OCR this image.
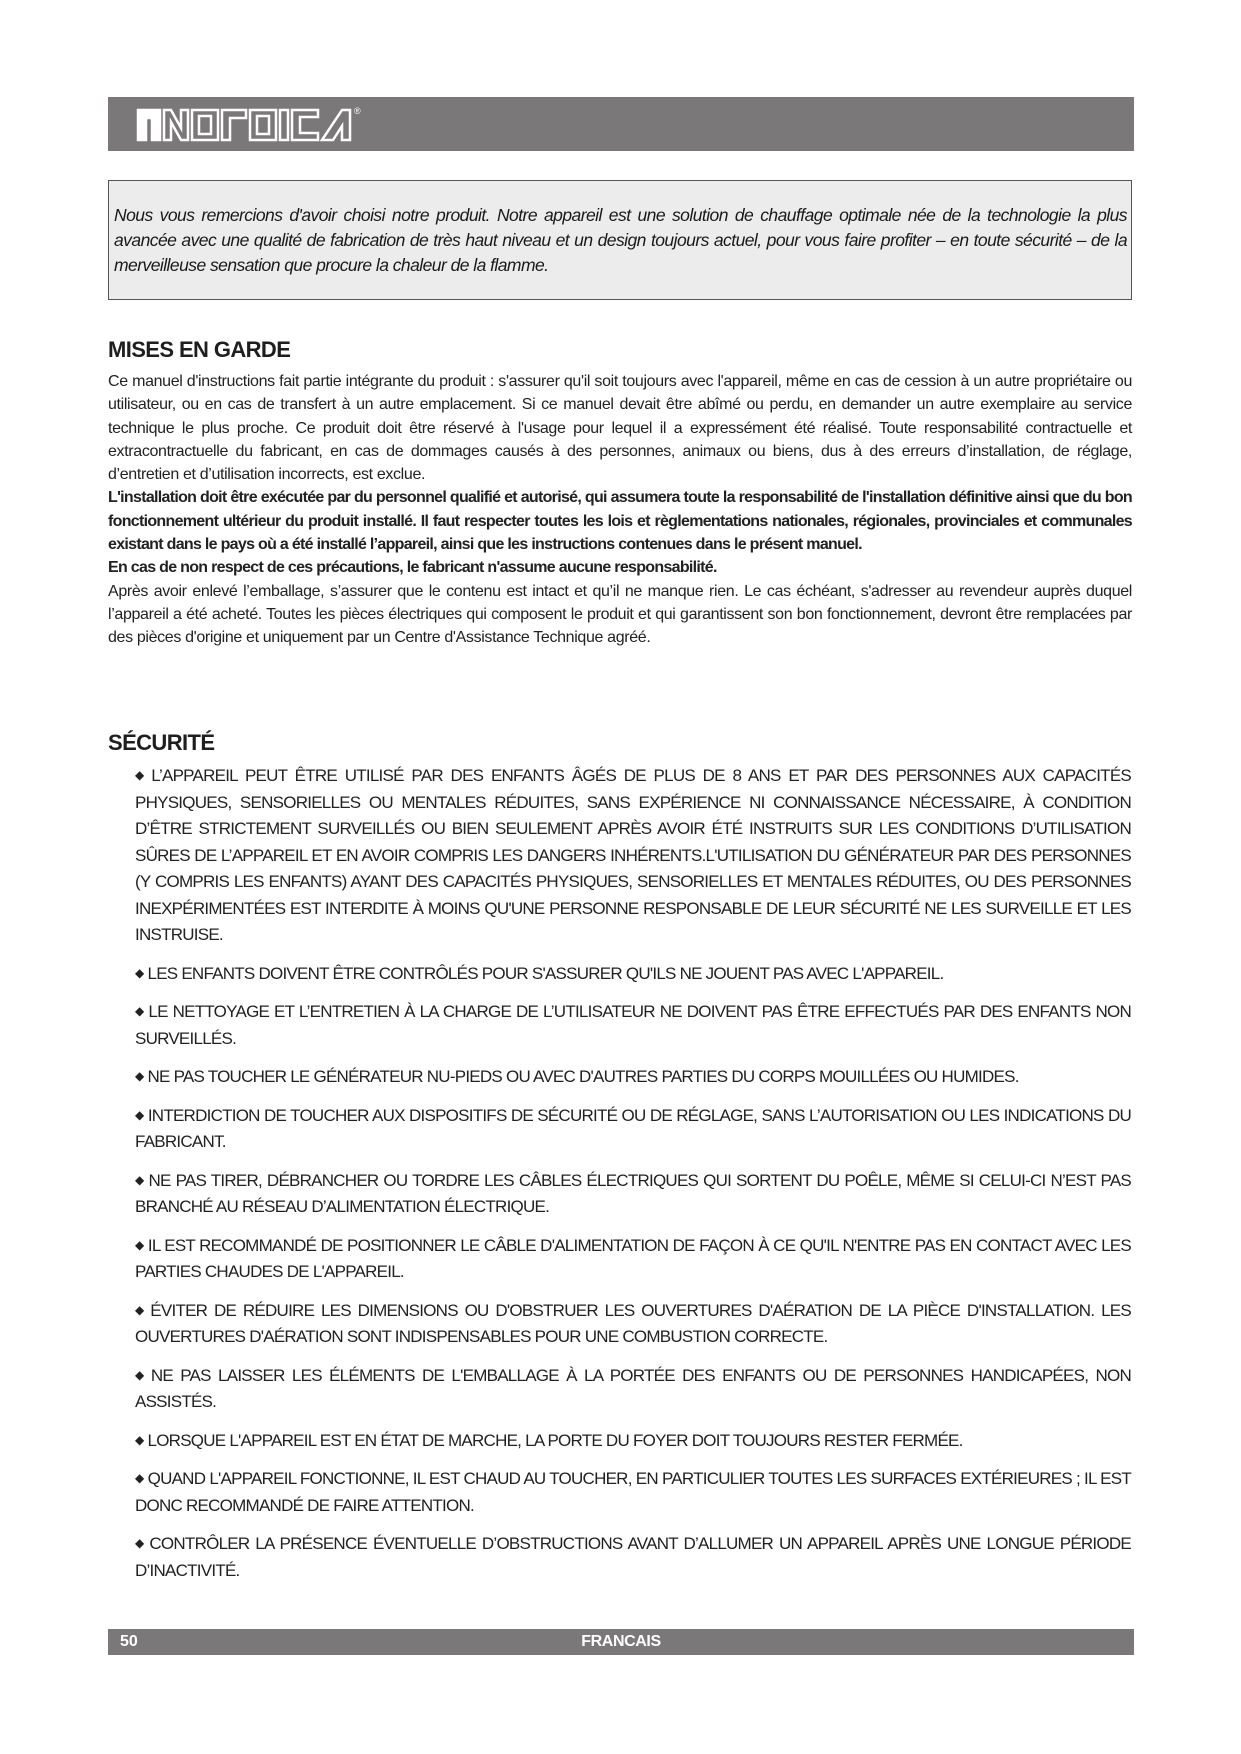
®

Nous vous remercions d'avoir choisi notre produit. Notre appareil est une solution de chauffage optimale née de la technologie la plus avancée avec une qualité de fabrication de très haut niveau et un design toujours actuel, pour vous faire profiter – en toute sécurité – de la merveilleuse sensation que procure la chaleur de la flamme.

MISES EN GARDE

Ce manuel d'instructions fait partie intégrante du produit : s'assurer qu'il soit toujours avec l'appareil, même en cas de cession à un autre propriétaire ou utilisateur, ou en cas de transfert à un autre emplacement. Si ce manuel devait être abîmé ou perdu, en demander un autre exemplaire au service technique le plus proche. Ce produit doit être réservé à l'usage pour lequel il a expressément été réalisé. Toute responsabilité contractuelle et extracontractuelle du fabricant, en cas de dommages causés à des personnes, animaux ou biens, dus à des erreurs d’installation, de réglage, d’entretien et d’utilisation incorrects, est exclue.

L'installation doit être exécutée par du personnel qualifié et autorisé, qui assumera toute la responsabilité de l'installation définitive ainsi que du bon fonctionnement ultérieur du produit installé. Il faut respecter toutes les lois et règlementations nationales, régionales, provinciales et communales existant dans le pays où a été installé l’appareil, ainsi que les instructions contenues dans le présent manuel.

En cas de non respect de ces précautions, le fabricant n'assume aucune responsabilité.

Après avoir enlevé l’emballage, s’assurer que le contenu est intact et qu’il ne manque rien. Le cas échéant, s'adresser au revendeur auprès duquel l’appareil a été acheté. Toutes les pièces électriques qui composent le produit et qui garantissent son bon fonctionnement, devront être remplacées par des pièces d'origine et uniquement par un Centre d'Assistance Technique agréé.

SÉCURITÉ
◆ L’APPAREIL PEUT ÊTRE UTILISÉ PAR DES ENFANTS ÂGÉS DE PLUS DE 8 ANS ET PAR DES PERSONNES AUX CAPACITÉS PHYSIQUES, SENSORIELLES OU MENTALES RÉDUITES, SANS EXPÉRIENCE NI CONNAISSANCE NÉCESSAIRE, À CONDITION D’ÊTRE STRICTEMENT SURVEILLÉS OU BIEN SEULEMENT APRÈS AVOIR ÉTÉ INSTRUITS SUR LES CONDITIONS D’UTILISATION SÛRES DE L’APPAREIL ET EN AVOIR COMPRIS LES DANGERS INHÉRENTS.L'UTILISATION DU GÉNÉRATEUR PAR DES PERSONNES (Y COMPRIS LES ENFANTS) AYANT DES CAPACITÉS PHYSIQUES, SENSORIELLES ET MENTALES RÉDUITES, OU DES PERSONNES INEXPÉRIMENTÉES EST INTERDITE À MOINS QU'UNE PERSONNE RESPONSABLE DE LEUR SÉCURITÉ NE LES SURVEILLE ET LES INSTRUISE.
◆ LES ENFANTS DOIVENT ÊTRE CONTRÔLÉS POUR S'ASSURER QU'ILS NE JOUENT PAS AVEC L'APPAREIL.
◆ LE NETTOYAGE ET L’ENTRETIEN À LA CHARGE DE L’UTILISATEUR NE DOIVENT PAS ÊTRE EFFECTUÉS PAR DES ENFANTS NON SURVEILLÉS.
◆ NE PAS TOUCHER LE GÉNÉRATEUR NU-PIEDS OU AVEC D'AUTRES PARTIES DU CORPS MOUILLÉES OU HUMIDES.
◆ INTERDICTION DE TOUCHER AUX DISPOSITIFS DE SÉCURITÉ OU DE RÉGLAGE, SANS L’AUTORISATION OU LES INDICATIONS DU FABRICANT.
◆ NE PAS TIRER, DÉBRANCHER OU TORDRE LES CÂBLES ÉLECTRIQUES QUI SORTENT DU POÊLE, MÊME SI CELUI-CI N’EST PAS BRANCHÉ AU RÉSEAU D’ALIMENTATION ÉLECTRIQUE.
◆ IL EST RECOMMANDÉ DE POSITIONNER LE CÂBLE D'ALIMENTATION DE FAÇON À CE QU'IL N'ENTRE PAS EN CONTACT AVEC LES PARTIES CHAUDES DE L'APPAREIL.
◆ ÉVITER DE RÉDUIRE LES DIMENSIONS OU D'OBSTRUER LES OUVERTURES D'AÉRATION DE LA PIÈCE D'INSTALLATION. LES OUVERTURES D'AÉRATION SONT INDISPENSABLES POUR UNE COMBUSTION CORRECTE.
◆ NE PAS LAISSER LES ÉLÉMENTS DE L'EMBALLAGE À LA PORTÉE DES ENFANTS OU DE PERSONNES HANDICAPÉES, NON ASSISTÉS.
◆ LORSQUE L'APPAREIL EST EN ÉTAT DE MARCHE, LA PORTE DU FOYER DOIT TOUJOURS RESTER FERMÉE.
◆ QUAND L'APPAREIL FONCTIONNE, IL EST CHAUD AU TOUCHER, EN PARTICULIER TOUTES LES SURFACES EXTÉRIEURES ; IL EST DONC RECOMMANDÉ DE FAIRE ATTENTION.
◆ CONTRÔLER LA PRÉSENCE ÉVENTUELLE D’OBSTRUCTIONS AVANT D’ALLUMER UN APPAREIL APRÈS UNE LONGUE PÉRIODE D’INACTIVITÉ.
50	FRANCAIS
